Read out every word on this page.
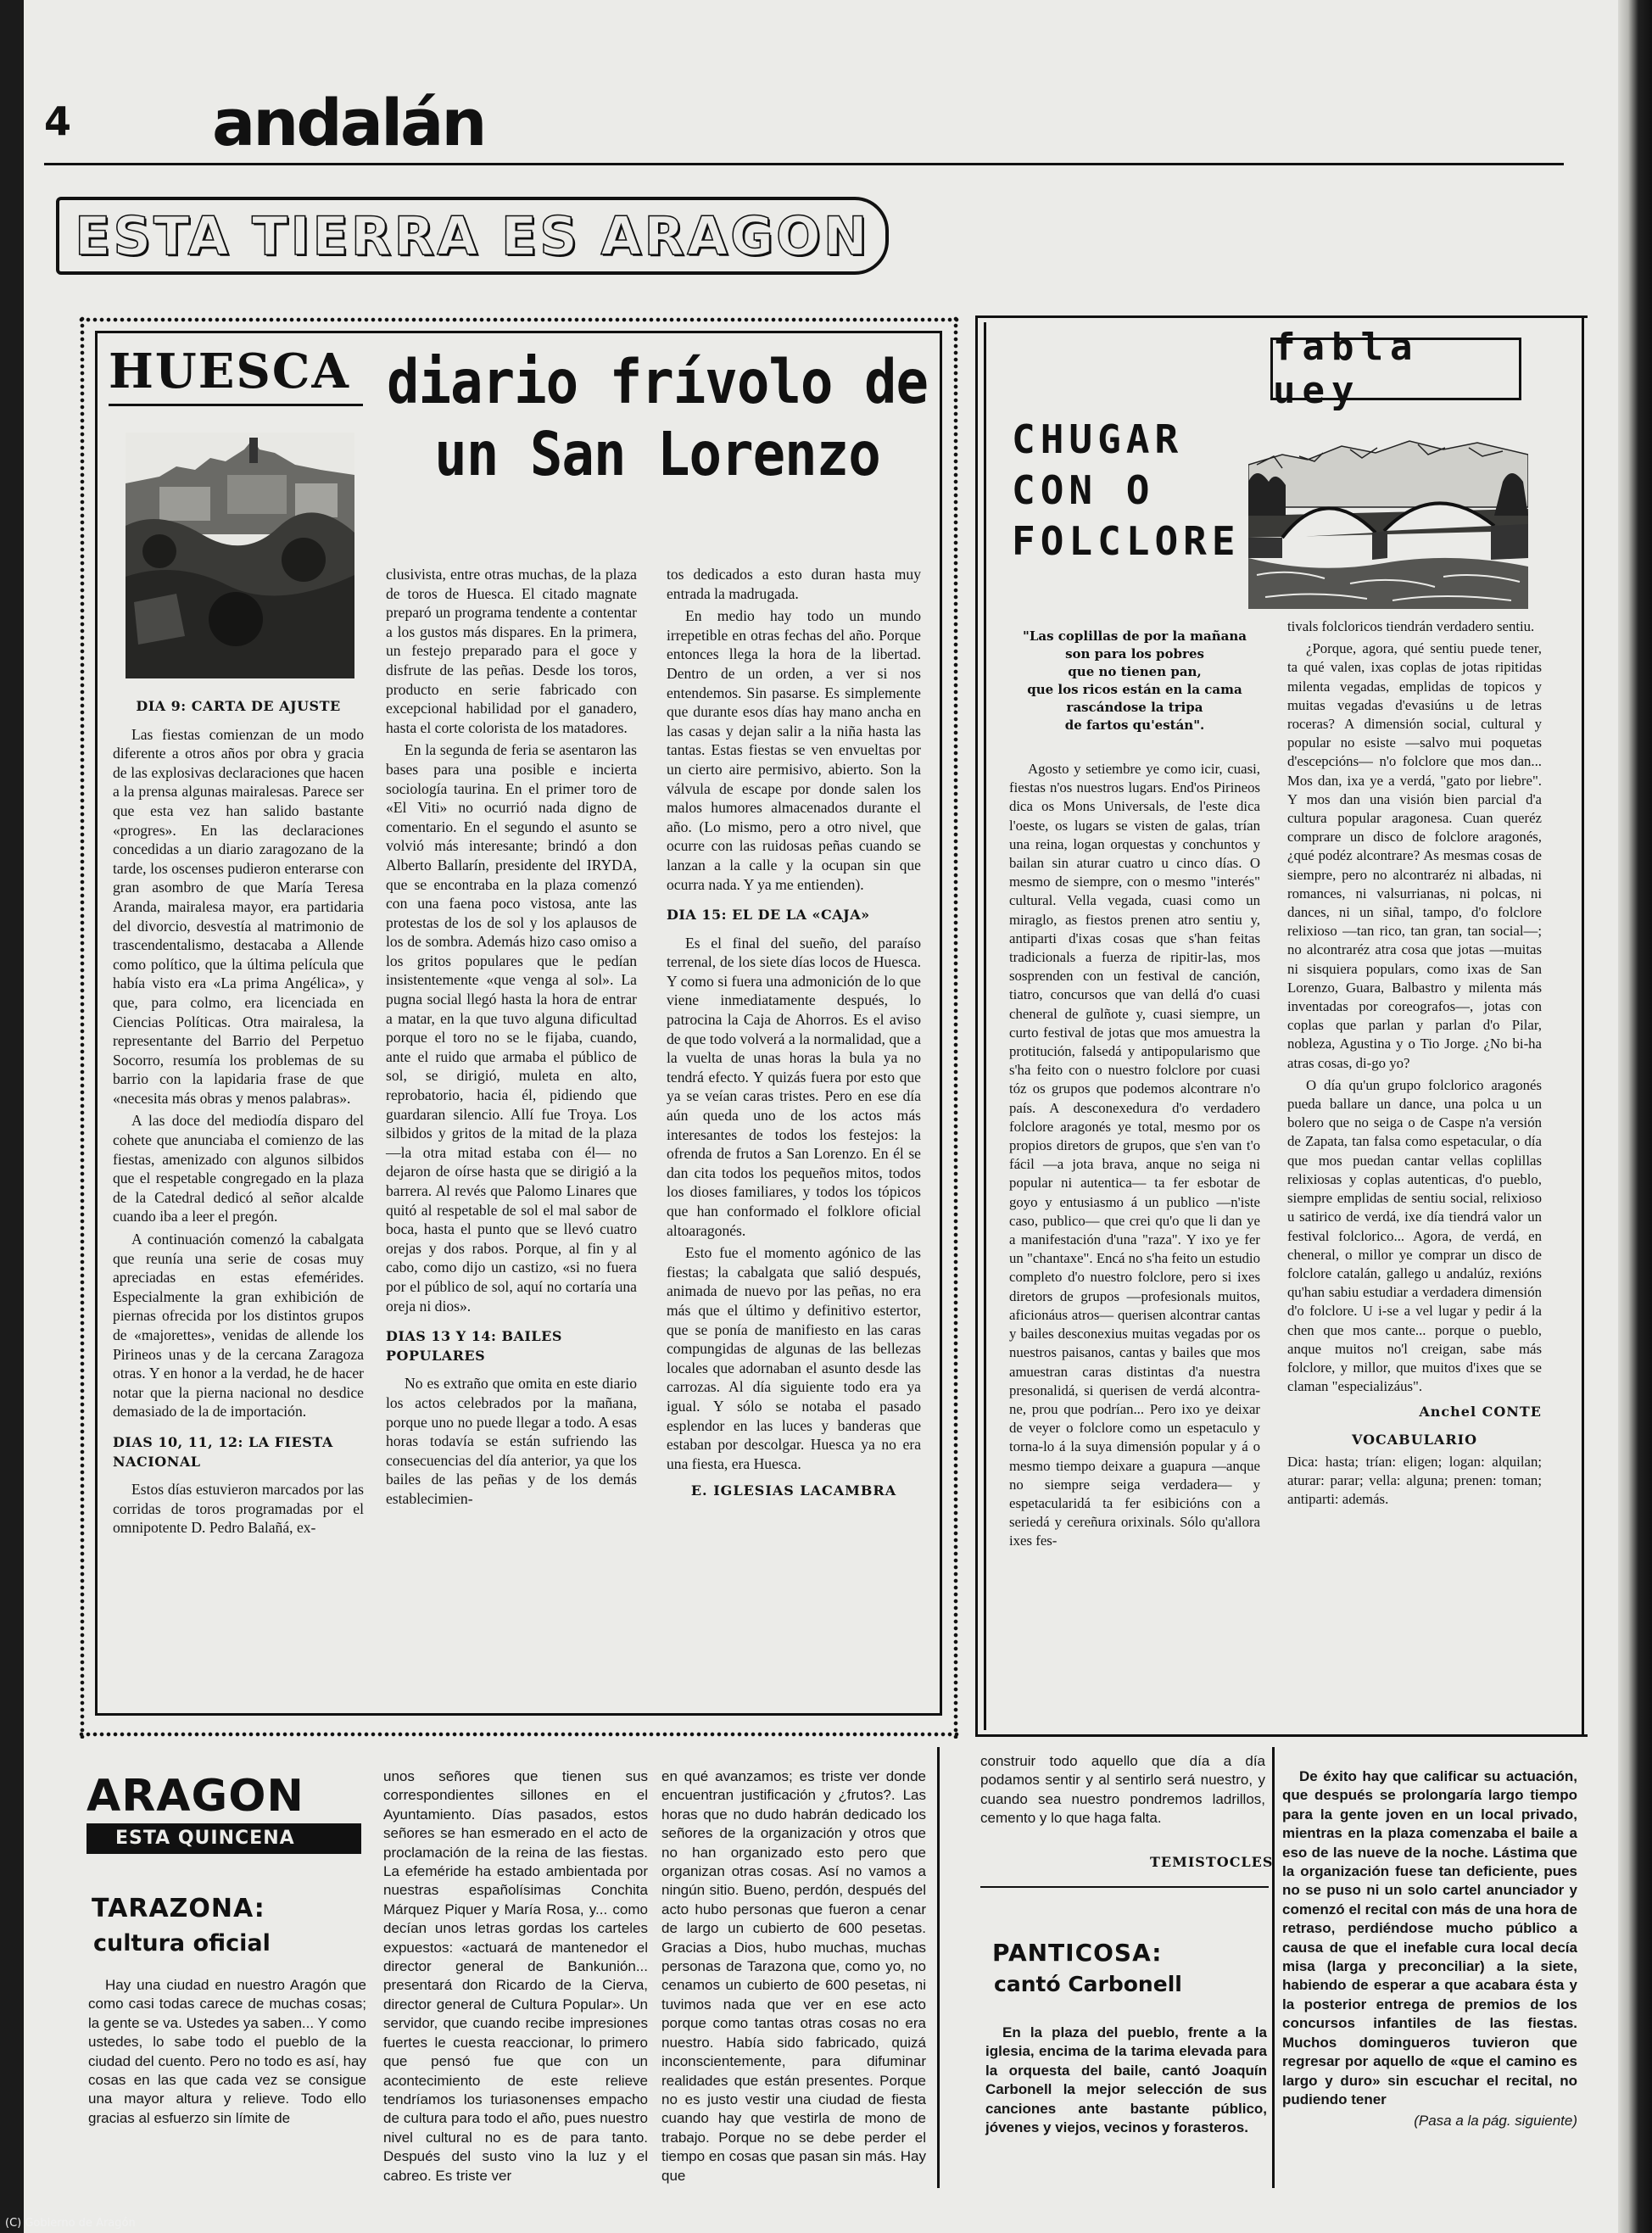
4 andalán
ESTA TIERRA ES ARAGON
HUESCA diario frívolo de un San Lorenzo
DIA 9: CARTA DE AJUSTE

Las fiestas comienzan de un modo diferente a otros años por obra y gracia de las explosivas declaraciones que hacen a la prensa algunas mairalesas. Parece ser que esta vez han salido bastante «progres». En las declaraciones concedidas a un diario zaragozano de la tarde, los oscenses pudieron enterarse con gran asombro de que María Teresa Aranda, mairalesa mayor, era partidaria del divorcio, desvestía al matrimonio de trascendentalismo, destacaba a Allende como político, que la última película que había visto era «La prima Angélica», y que, para colmo, era licenciada en Ciencias Políticas. Otra mairalesa, la representante del Barrio del Perpetuo Socorro, resumía los problemas de su barrio con la lapidaria frase de que «necesita más obras y menos palabras».

A las doce del mediodía disparo del cohete que anunciaba el comienzo de las fiestas, amenizado con algunos silbidos que el respetable congregado en la plaza de la Catedral dedicó al señor alcalde cuando iba a leer el pregón.

A continuación comenzó la cabalgata que reunía una serie de cosas muy apreciadas en estas efemérides. Especialmente la gran exhibición de piernas ofrecida por los distintos grupos de «majorettes», venidas de allende los Pirineos unas y de la cercana Zaragoza otras. Y en honor a la verdad, he de hacer notar que la pierna nacional no desdice demasiado de la de importación.

DIAS 10, 11, 12: LA FIESTA NACIONAL

Estos días estuvieron marcados por las corridas de toros programadas por el omnipotente D. Pedro Balañá, ex-

clusivista, entre otras muchas, de la plaza de toros de Huesca. El citado magnate preparó un programa tendente a contentar a los gustos más dispares. En la primera, un festejo preparado para el goce y disfrute de las peñas. Desde los toros, producto en serie fabricado con excepcional habilidad por el ganadero, hasta el corte colorista de los matadores.

En la segunda de feria se asentaron las bases para una posible e incierta sociología taurina. En el primer toro de «El Viti» no ocurrió nada digno de comentario. En el segundo el asunto se volvió más interesante; brindó a don Alberto Ballarín, presidente del IRYDA, que se encontraba en la plaza comenzó con una faena poco vistosa, ante las protestas de los de sol y los aplausos de los de sombra. Además hizo caso omiso a los gritos populares que le pedían insistentemente «que venga al sol». La pugna social llegó hasta la hora de entrar a matar, en la que tuvo alguna dificultad porque el toro no se le fijaba, cuando, ante el ruido que armaba el público de sol, se dirigió, muleta en alto, reprobatorio, hacia él, pidiendo que guardaran silencio. Allí fue Troya. Los silbidos y gritos de la mitad de la plaza —la otra mitad estaba con él— no dejaron de oírse hasta que se dirigió a la barrera. Al revés que Palomo Linares que quitó al respetable de sol el mal sabor de boca, hasta el punto que se llevó cuatro orejas y dos rabos. Porque, al fin y al cabo, como dijo un castizo, «si no fuera por el público de sol, aquí no cortaría una oreja ni dios».

DIAS 13 Y 14: BAILES POPULARES

No es extraño que omita en este diario los actos celebrados por la mañana, porque uno no puede llegar a todo. A esas horas todavía se están sufriendo las consecuencias del día anterior, ya que los bailes de las peñas y de los demás establecimien-

tos dedicados a esto duran hasta muy entrada la madrugada.

En medio hay todo un mundo irrepetible en otras fechas del año. Porque entonces llega la hora de la libertad. Dentro de un orden, a ver si nos entendemos. Sin pasarse. Es simplemente que durante esos días hay mano ancha en las casas y dejan salir a la niña hasta las tantas. Estas fiestas se ven envueltas por un cierto aire permisivo, abierto. Son la válvula de escape por donde salen los malos humores almacenados durante el año. (Lo mismo, pero a otro nivel, que ocurre con las ruidosas peñas cuando se lanzan a la calle y la ocupan sin que ocurra nada. Y ya me entienden).

DIA 15: EL DE LA «CAJA»

Es el final del sueño, del paraíso terrenal, de los siete días locos de Huesca. Y como si fuera una admonición de lo que viene inmediatamente después, lo patrocina la Caja de Ahorros. Es el aviso de que todo volverá a la normalidad, que a la vuelta de unas horas la bula ya no tendrá efecto. Y quizás fuera por esto que ya se veían caras tristes. Pero en ese día aún queda uno de los actos más interesantes de todos los festejos: la ofrenda de frutos a San Lorenzo. En él se dan cita todos los pequeños mitos, todos los dioses familiares, y todos los tópicos que han conformado el folklore oficial altoaragonés.

Esto fue el momento agónico de las fiestas; la cabalgata que salió después, animada de nuevo por las peñas, no era más que el último y definitivo estertor, que se ponía de manifiesto en las caras compungidas de algunas de las bellezas locales que adornaban el asunto desde las carrozas. Al día siguiente todo era ya igual. Y sólo se notaba el pasado esplendor en las luces y banderas que estaban por descolgar. Huesca ya no era una fiesta, era Huesca.

E. IGLESIAS LACAMBRA
fabla uey
CHUGAR
CON O
FOLCLORE
"Las coplillas de por la mañana
son para los pobres
que no tienen pan,
que los ricos están en la cama
rascándose la tripa
de fartos qu'están".

Agosto y setiembre ye como icir, cuasi, fiestas n'os nuestros lugars. End'os Pirineos dica os Mons Universals, de l'este dica l'oeste, os lugars se visten de galas, trían una reina, logan orquestas y conchuntos y bailan sin aturar cuatro u cinco días. O mesmo de siempre, con o mesmo "interés" cultural. Vella vegada, cuasi como un miraglo, as fiestos prenen atro sentiu y, antiparti d'ixas cosas que s'han feitas tradicionals a fuerza de ripitir-las, mos sosprenden con un festival de canción, tiatro, concursos que van dellá d'o cuasi cheneral de gulñote y, cuasi siempre, un curto festival de jotas que mos amuestra la protitución, falsedá y antipopularismo que s'ha feito con o nuestro folclore por cuasi tóz os grupos que podemos alcontrare n'o país. A desconexedura d'o verdadero folclore aragonés ye total, mesmo por os propios diretors de grupos, que s'en van t'o fácil —a jota brava, anque no seiga ni popular ni autentica— ta fer esbotar de goyo y entusiasmo á un publico —n'iste caso, publico— que crei qu'o que li dan ye a manifestación d'una "raza". Y ixo ye fer un "chantaxe". Encá no s'ha feito un estudio completo d'o nuestro folclore, pero si ixes diretors de grupos —profesionals muitos, aficionáus atros— querisen alcontrar cantas y bailes desconexius muitas vegadas por os nuestros paisanos, cantas y bailes que mos amuestran caras distintas d'a nuestra presonalidá, si querisen de verdá alcontra-ne, prou que podrían... Pero ixo ye deixar de veyer o folclore como un espetaculo y torna-lo á la suya dimensión popular y á o mesmo tiempo deixare a guapura —anque no siempre seiga verdadera— y espetacularidá ta fer esibicións con a seriedá y cereñura orixinals. Sólo qu'allora ixes fes-

tivals folcloricos tiendrán verdadero sentiu.

¿Porque, agora, qué sentiu puede tener, ta qué valen, ixas coplas de jotas ripitidas milenta vegadas, emplidas de topicos y muitas vegadas d'evasiúns u de letras roceras? A dimensión social, cultural y popular no esiste —salvo mui poquetas d'escepcións— n'o folclore que mos dan... Mos dan, ixa ye a verdá, "gato por liebre". Y mos dan una visión bien parcial d'a cultura popular aragonesa. Cuan queréz comprare un disco de folclore aragonés, ¿qué podéz alcontrare? As mesmas cosas de siempre, pero no alcontraréz ni albadas, ni romances, ni valsurrianas, ni polcas, ni dances, ni un siñal, tampo, d'o folclore relixioso —tan rico, tan gran, tan social—; no alcontraréz atra cosa que jotas —muitas ni sisquiera populars, como ixas de San Lorenzo, Guara, Balbastro y milenta más inventadas por coreografos—, jotas con coplas que parlan y parlan d'o Pilar, nobleza, Agustina y o Tio Jorge. ¿No bi-ha atras cosas, di-go yo?

O día qu'un grupo folclorico aragonés pueda ballare un dance, una polca u un bolero que no seiga o de Caspe n'a versión de Zapata, tan falsa como espetacular, o día que mos puedan cantar vellas coplillas relixiosas y coplas autenticas, d'o pueblo, siempre emplidas de sentiu social, relixioso u satirico de verdá, ixe día tiendrá valor un festival folclorico... Agora, de verdá, en cheneral, o millor ye comprar un disco de folclore catalán, gallego u andalúz, rexións qu'han sabiu estudiar a verdadera dimensión d'o folclore. U i-se a vel lugar y pedir á la chen que mos cante... porque o pueblo, anque muitos no'l creigan, sabe más folclore, y millor, que muitos d'ixes que se claman "especializáus".

Anchel CONTE
VOCABULARIO

Dica: hasta; trían: eligen; logan: alquilan; aturar: parar; vella: alguna; prenen: toman; antiparti: además.

ARAGON
ESTA QUINCENA
TARAZONA:
cultura oficial

Hay una ciudad en nuestro Aragón que como casi todas carece de muchas cosas; la gente se va. Ustedes ya saben... Y como ustedes, lo sabe todo el pueblo de la ciudad del cuento. Pero no todo es así, hay cosas en las que cada vez se consigue una mayor altura y relieve. Todo ello gracias al esfuerzo sin límite de

unos señores que tienen sus correspondientes sillones en el Ayuntamiento. Días pasados, estos señores se han esmerado en el acto de proclamación de la reina de las fiestas. La efeméride ha estado ambientada por nuestras españolísimas Conchita Márquez Piquer y María Rosa, y... como decían unos letras gordas los carteles expuestos: «actuará de mantenedor el director general de Bankunión... presentará don Ricardo de la Cierva, director general de Cultura Popular». Un servidor, que cuando recibe impresiones fuertes le cuesta reaccionar, lo primero que pensó fue que con un acontecimiento de este relieve tendríamos los turiasonenses empacho de cultura para todo el año, pues nuestro nivel cultural no es de para tanto. Después del susto vino la luz y el cabreo. Es triste ver

en qué avanzamos; es triste ver donde encuentran justificación y ¿frutos?. Las horas que no dudo habrán dedicado los señores de la organización y otros que no han organizado esto pero que organizan otras cosas. Así no vamos a ningún sitio. Bueno, perdón, después del acto hubo personas que fueron a cenar de largo un cubierto de 600 pesetas. Gracias a Dios, hubo muchas, muchas personas de Tarazona que, como yo, no cenamos un cubierto de 600 pesetas, ni tuvimos nada que ver en ese acto porque como tantas otras cosas no era nuestro. Había sido fabricado, quizá inconscientemente, para difuminar realidades que están presentes. Porque no es justo vestir una ciudad de fiesta cuando hay que vestirla de mono de trabajo. Porque no se debe perder el tiempo en cosas que pasan sin más. Hay que

construir todo aquello que día a día podamos sentir y al sentirlo será nuestro, y cuando sea nuestro pondremos ladrillos, cemento y lo que haga falta.

TEMISTOCLES
PANTICOSA:
cantó Carbonell

En la plaza del pueblo, frente a la iglesia, encima de la tarima elevada para la orquesta del baile, cantó Joaquín Carbonell la mejor selección de sus canciones ante bastante público, jóvenes y viejos, vecinos y forasteros.

De éxito hay que calificar su actuación, que después se prolongaría largo tiempo para la gente joven en un local privado, mientras en la plaza comenzaba el baile a eso de las nueve de la noche. Lástima que la organización fuese tan deficiente, pues no se puso ni un solo cartel anunciador y comenzó el recital con más de una hora de retraso, perdiéndose mucho público a causa de que el inefable cura local decía misa (larga y preconciliar) a la siete, habiendo de esperar a que acabara ésta y la posterior entrega de premios de los concursos infantiles de las fiestas. Muchos domingueros tuvieron que regresar por aquello de «que el camino es largo y duro» sin escuchar el recital, no pudiendo tener

(Pasa a la pág. siguiente)
(C) Gobierno de Aragón
